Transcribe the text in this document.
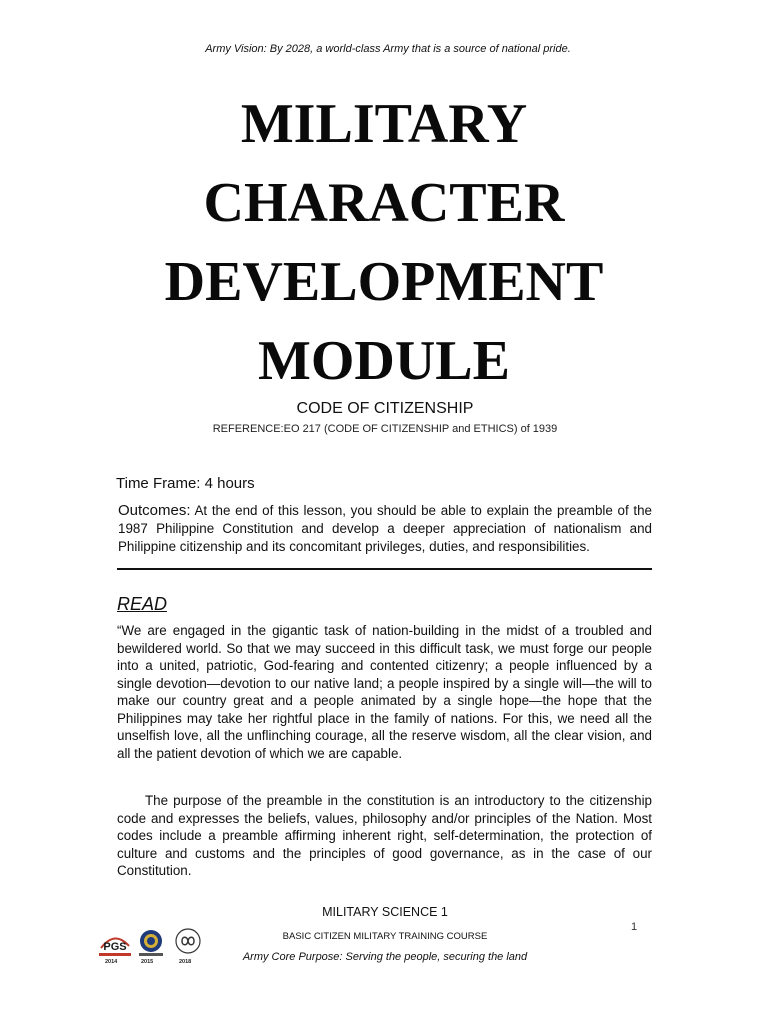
Army Vision: By 2028, a world-class Army that is a source of national pride.
MILITARY
CHARACTER
DEVELOPMENT
MODULE
CODE OF CITIZENSHIP
REFERENCE:EO 217 (CODE OF CITIZENSHIP and ETHICS) of 1939
Time Frame: 4 hours
Outcomes: At the end of this lesson, you should be able to explain the preamble of the 1987 Philippine Constitution and develop a deeper appreciation of nationalism and Philippine citizenship and its concomitant privileges, duties, and responsibilities.
READ
“We are engaged in the gigantic task of nation-building in the midst of a troubled and bewildered world. So that we may succeed in this difficult task, we must forge our people into a united, patriotic, God-fearing and contented citizenry; a people influenced by a single devotion—devotion to our native land; a people inspired by a single will—the will to make our country great and a people animated by a single hope—the hope that the Philippines may take her rightful place in the family of nations. For this, we need all the unselfish love, all the unflinching courage, all the reserve wisdom, all the clear vision, and all the patient devotion of which we are capable.
The purpose of the preamble in the constitution is an introductory to the citizenship code and expresses the beliefs, values, philosophy and/or principles of the Nation. Most codes include a preamble affirming inherent right, self-determination, the protection of culture and customs and the principles of good governance, as in the case of our Constitution.
MILITARY SCIENCE 1
1
BASIC CITIZEN MILITARY TRAINING COURSE
Army Core Purpose: Serving the people, securing the land
PGS
2014	2015	2018
